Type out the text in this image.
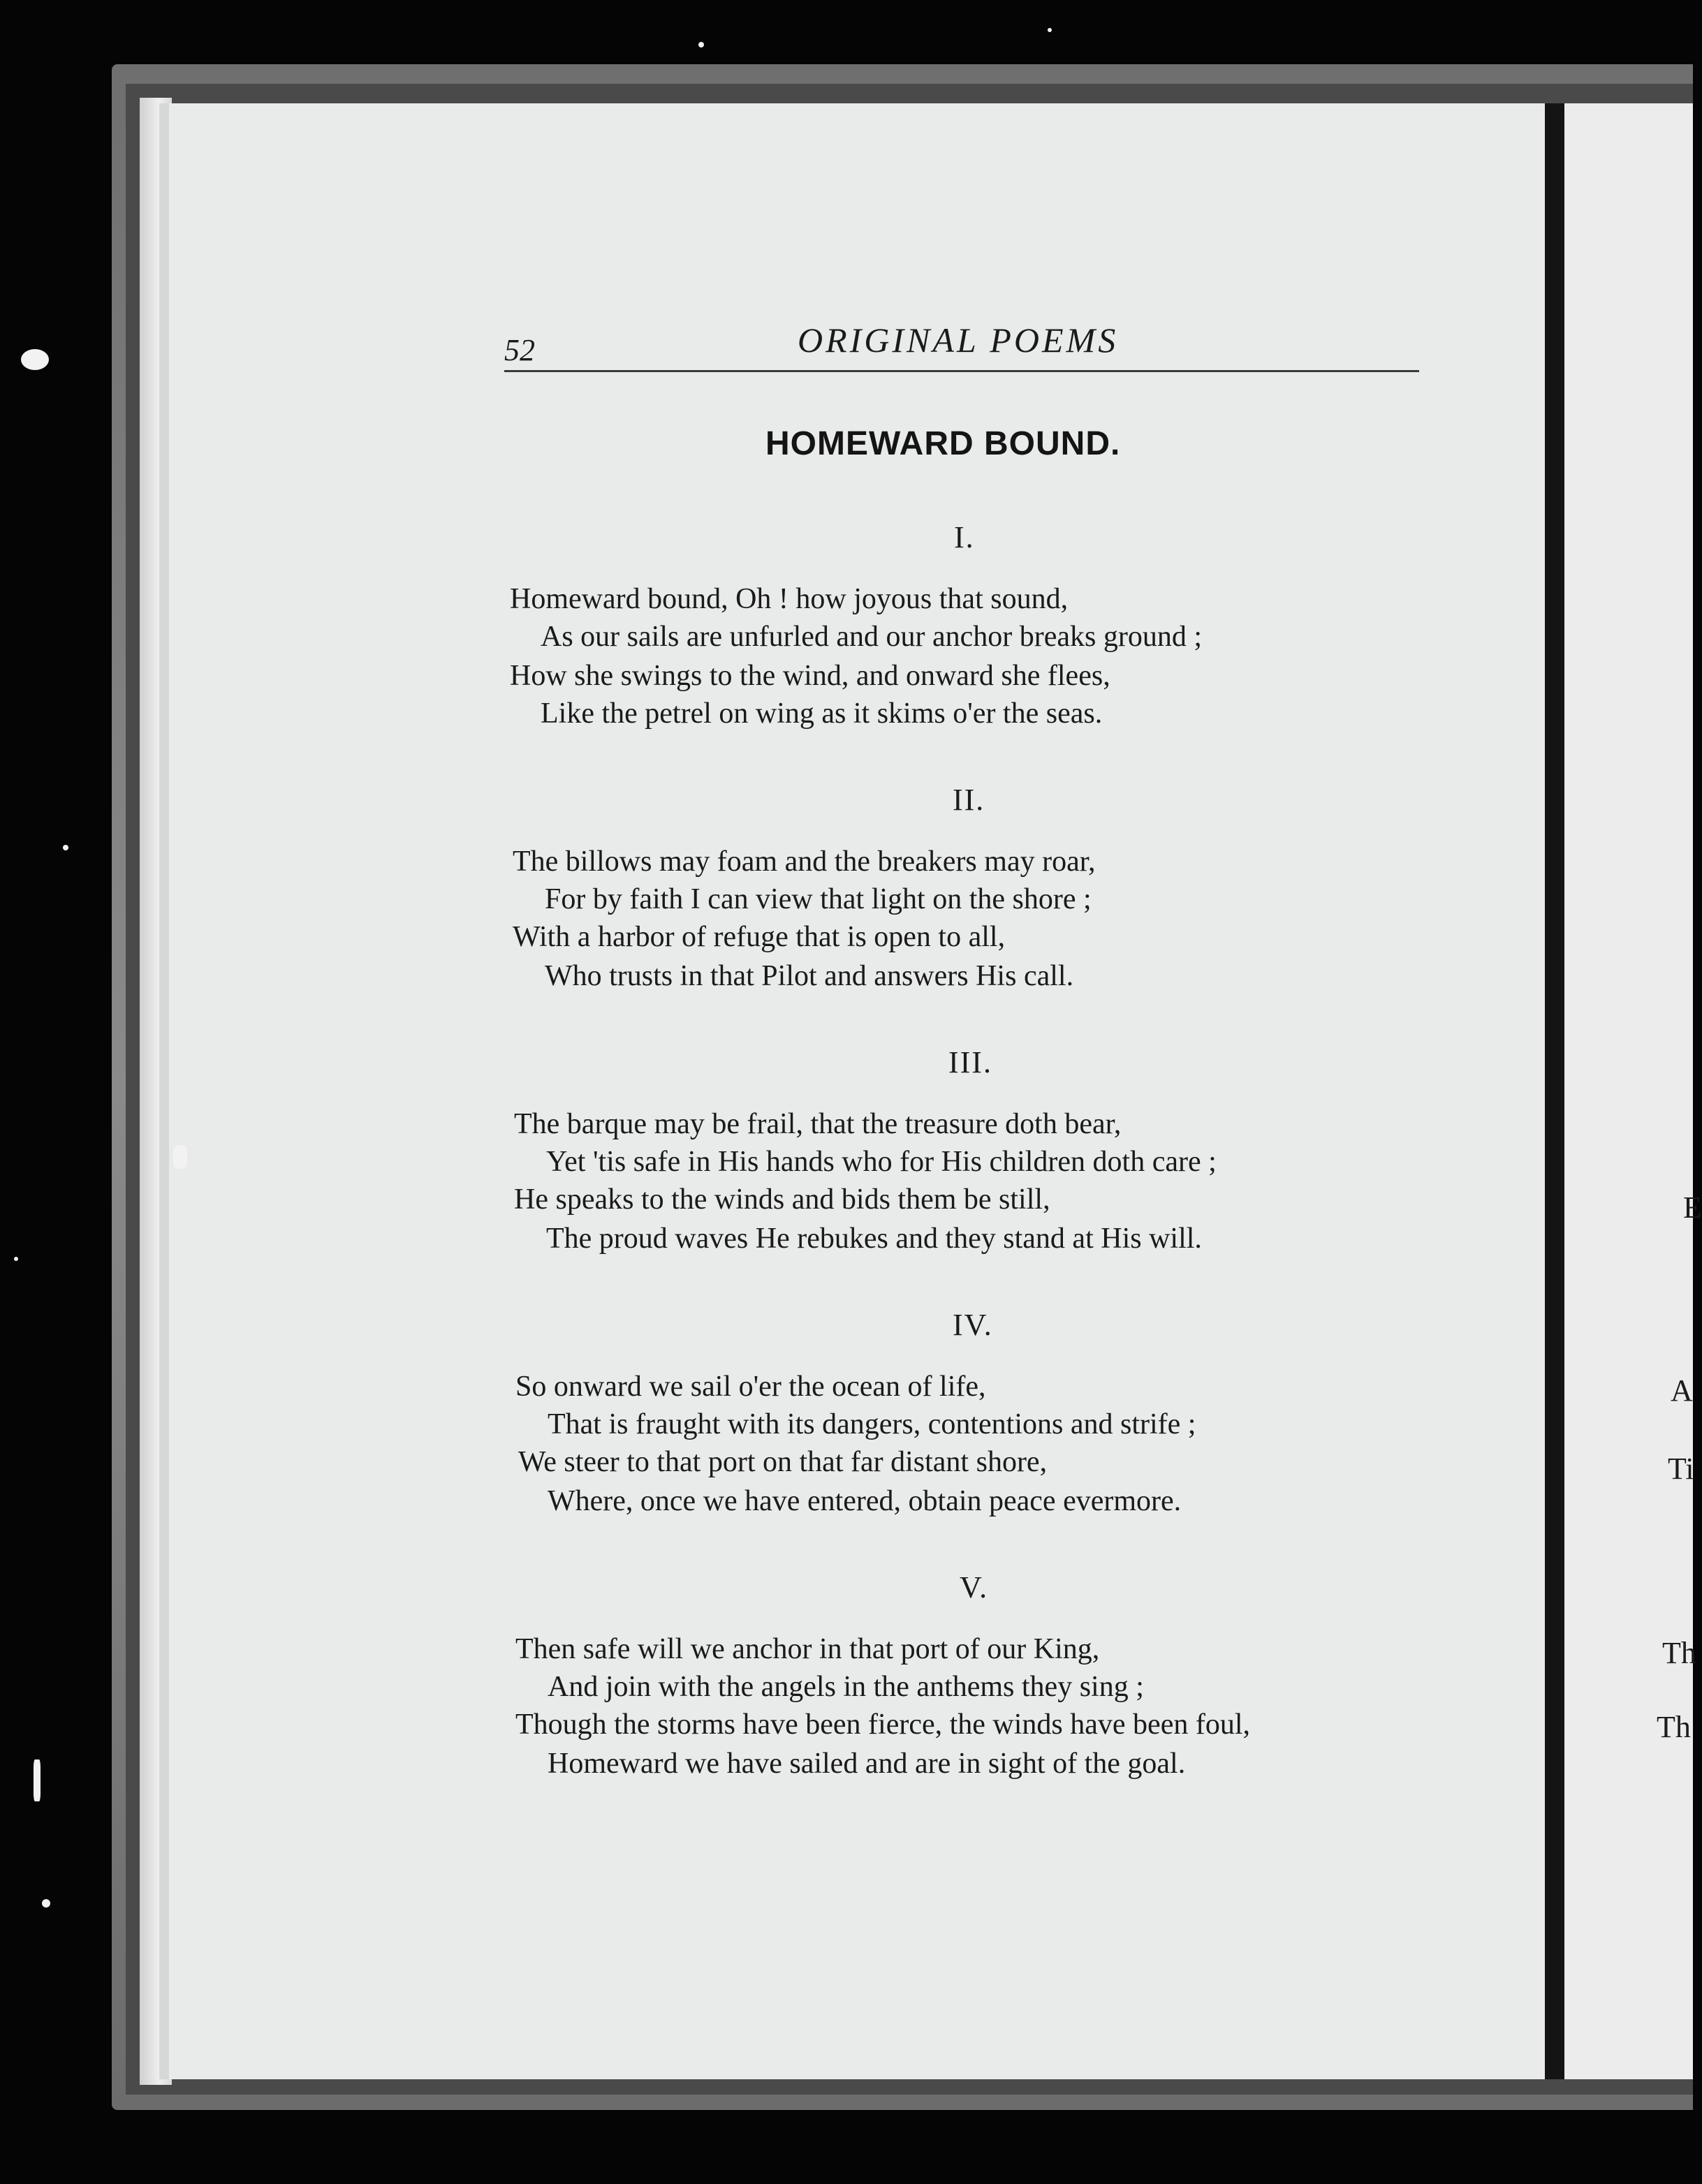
E
A
Ti
Th
Th
52	ORIGINAL POEMS
HOMEWARD BOUND.
I.
Homeward bound, Oh ! how joyous that sound,
As our sails are unfurled and our anchor breaks ground ;
How she swings to the wind, and onward she flees,
Like the petrel on wing as it skims o'er the seas.
II.
The billows may foam and the breakers may roar,
For by faith I can view that light on the shore ;
With a harbor of refuge that is open to all,
Who trusts in that Pilot and answers His call.
III.
The barque may be frail, that the treasure doth bear,
Yet 'tis safe in His hands who for His children doth care ;
He speaks to the winds and bids them be still,
The proud waves He rebukes and they stand at His will.
IV.
So onward we sail o'er the ocean of life,
That is fraught with its dangers, contentions and strife ;
We steer to that port on that far distant shore,
Where, once we have entered, obtain peace evermore.
V.
Then safe will we anchor in that port of our King,
And join with the angels in the anthems they sing ;
Though the storms have been fierce, the winds have been foul,
Homeward we have sailed and are in sight of the goal.
